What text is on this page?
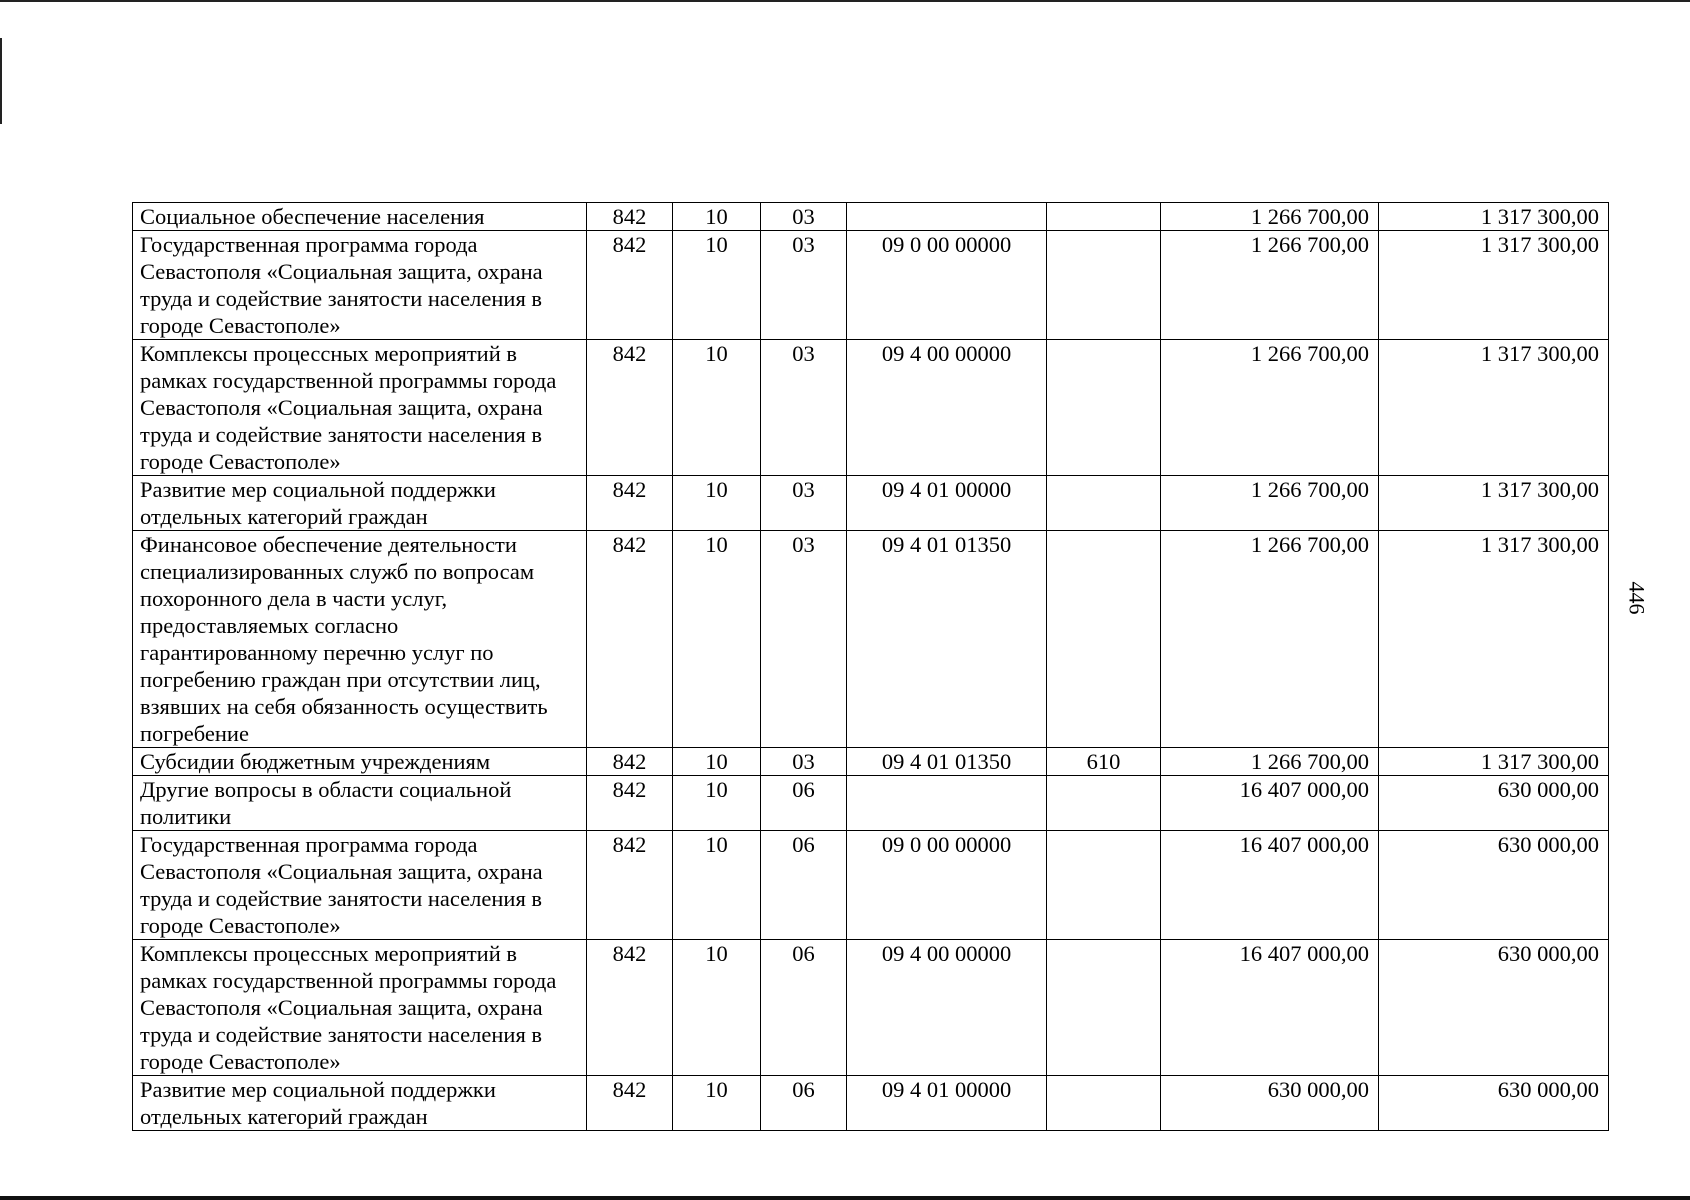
446
Социальное обеспечение населения	842	10	03			1 266 700,00	1 317 300,00
Государственная программа города Севастополя «Социальная защита, охрана труда и содействие занятости населения в городе Севастополе»	842	10	03	09 0 00 00000		1 266 700,00	1 317 300,00
Комплексы процессных мероприятий в рамках государственной программы города Севастополя «Социальная защита, охрана труда и содействие занятости населения в городе Севастополе»	842	10	03	09 4 00 00000		1 266 700,00	1 317 300,00
Развитие мер социальной поддержки отдельных категорий граждан	842	10	03	09 4 01 00000		1 266 700,00	1 317 300,00
Финансовое обеспечение деятельности специализированных служб по вопросам похоронного дела в части услуг, предоставляемых согласно гарантированному перечню услуг по погребению граждан при отсутствии лиц, взявших на себя обязанность осуществить погребение	842	10	03	09 4 01 01350		1 266 700,00	1 317 300,00
Субсидии бюджетным учреждениям	842	10	03	09 4 01 01350	610	1 266 700,00	1 317 300,00
Другие вопросы в области социальной политики	842	10	06			16 407 000,00	630 000,00
Государственная программа города Севастополя «Социальная защита, охрана труда и содействие занятости населения в городе Севастополе»	842	10	06	09 0 00 00000		16 407 000,00	630 000,00
Комплексы процессных мероприятий в рамках государственной программы города Севастополя «Социальная защита, охрана труда и содействие занятости населения в городе Севастополе»	842	10	06	09 4 00 00000		16 407 000,00	630 000,00
Развитие мер социальной поддержки отдельных категорий граждан	842	10	06	09 4 01 00000		630 000,00	630 000,00
